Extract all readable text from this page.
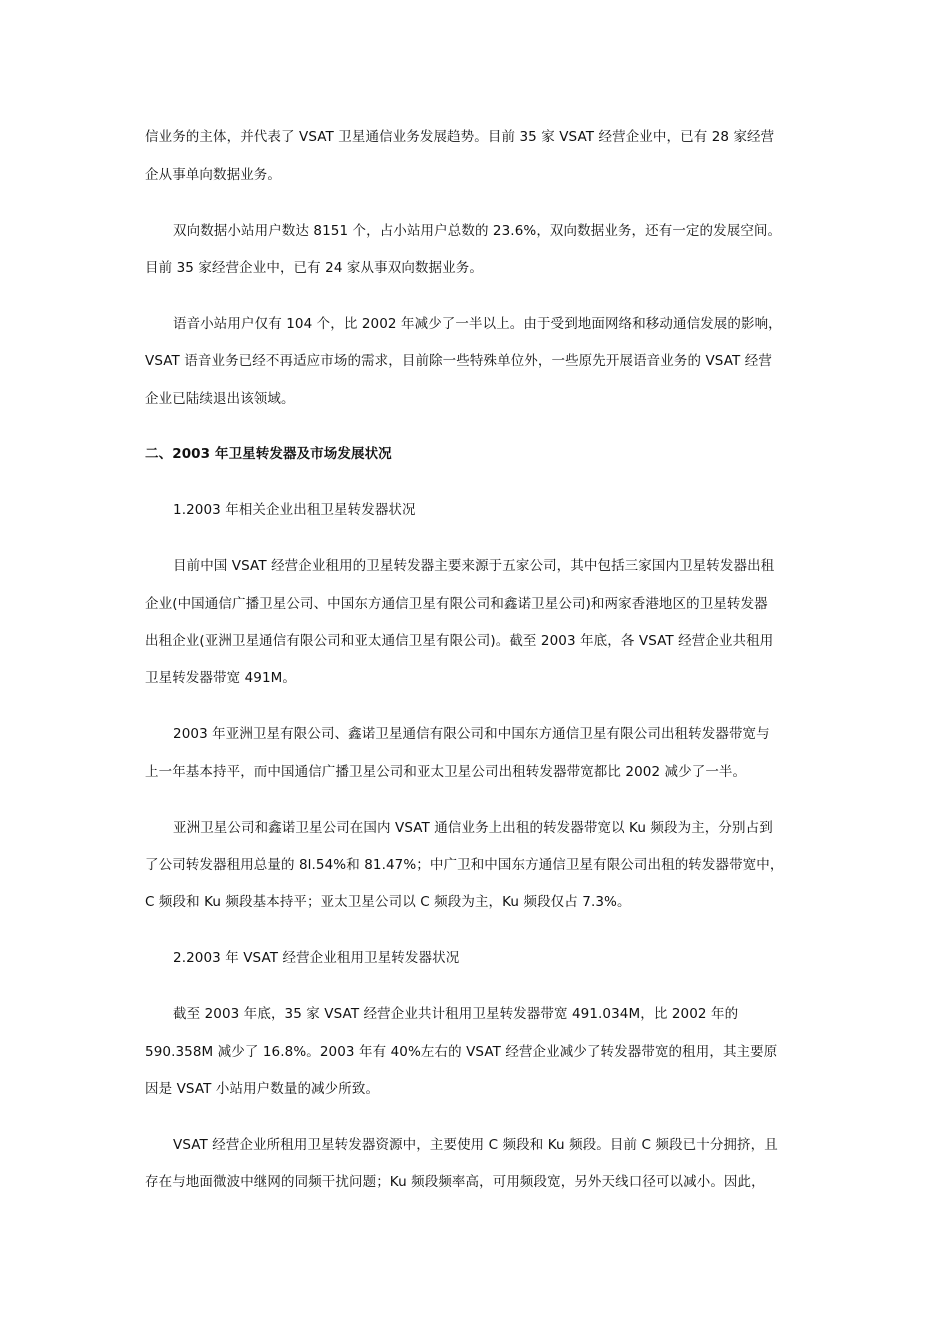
信业务的主体，并代表了 VSAT 卫星通信业务发展趋势。目前 35 家 VSAT 经营企业中，已有 28 家经营
企从事单向数据业务。
双向数据小站用户数达 8151 个，占小站用户总数的 23.6%，双向数据业务，还有一定的发展空间。
目前 35 家经营企业中，已有 24 家从事双向数据业务。
语音小站用户仅有 104 个，比 2002 年减少了一半以上。由于受到地面网络和移动通信发展的影响，
VSAT 语音业务已经不再适应市场的需求，目前除一些特殊单位外，一些原先开展语音业务的 VSAT 经营
企业已陆续退出该领域。
二、2003 年卫星转发器及市场发展状况
1.2003 年相关企业出租卫星转发器状况
目前中国 VSAT 经营企业租用的卫星转发器主要来源于五家公司，其中包括三家国内卫星转发器出租
企业(中国通信广播卫星公司、中国东方通信卫星有限公司和鑫诺卫星公司)和两家香港地区的卫星转发器
出租企业(亚洲卫星通信有限公司和亚太通信卫星有限公司)。截至 2003 年底，各 VSAT 经营企业共租用
卫星转发器带宽 491M。
2003 年亚洲卫星有限公司、鑫诺卫星通信有限公司和中国东方通信卫星有限公司出租转发器带宽与
上一年基本持平，而中国通信广播卫星公司和亚太卫星公司出租转发器带宽都比 2002 减少了一半。
亚洲卫星公司和鑫诺卫星公司在国内 VSAT 通信业务上出租的转发器带宽以 Ku 频段为主，分别占到
了公司转发器租用总量的 8l.54%和 81.47%；中广卫和中国东方通信卫星有限公司出租的转发器带宽中，
C 频段和 Ku 频段基本持平；亚太卫星公司以 C 频段为主，Ku 频段仅占 7.3%。
2.2003 年 VSAT 经营企业租用卫星转发器状况
截至 2003 年底，35 家 VSAT 经营企业共计租用卫星转发器带宽 491.034M，比 2002 年的
590.358M 减少了 16.8%。2003 年有 40%左右的 VSAT 经营企业减少了转发器带宽的租用，其主要原
因是 VSAT 小站用户数量的减少所致。
VSAT 经营企业所租用卫星转发器资源中，主要使用 C 频段和 Ku 频段。目前 C 频段已十分拥挤，且
存在与地面微波中继网的同频干扰问题；Ku 频段频率高，可用频段宽，另外天线口径可以减小。因此，
